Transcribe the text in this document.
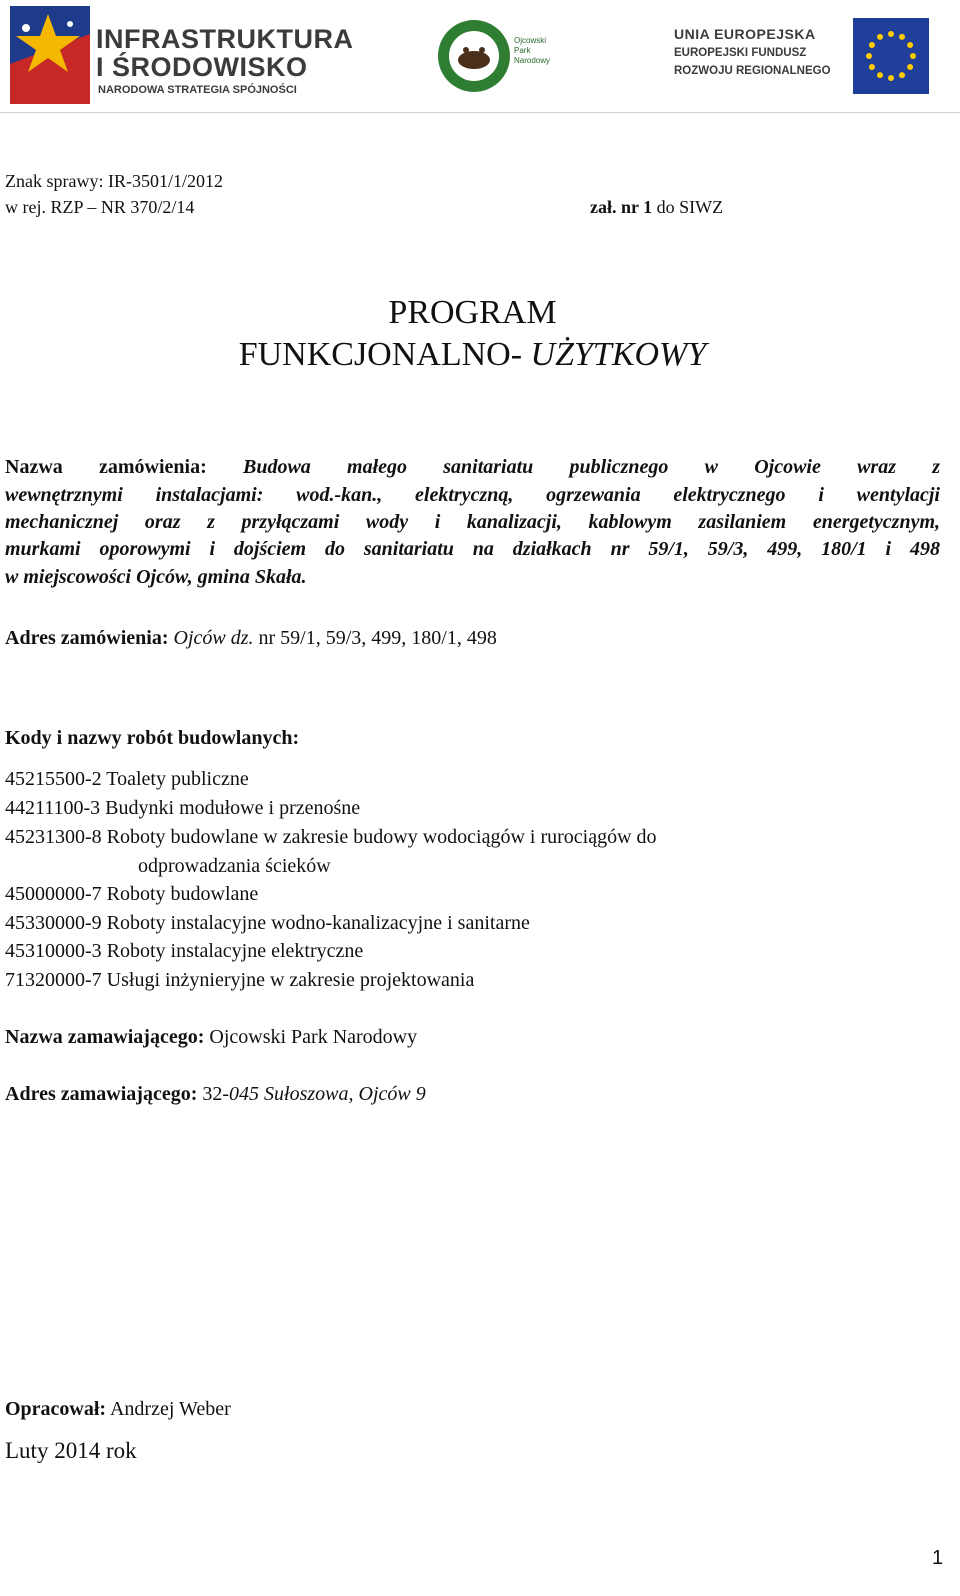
INFRASTRUKTURA
I ŚRODOWISKO
NARODOWA STRATEGIA SPÓJNOŚCI
Ojcowski
Park
Narodowy
UNIA EUROPEJSKA
EUROPEJSKI FUNDUSZ
ROZWOJU REGIONALNEGO
Znak sprawy: IR-3501/1/2012
w rej. RZP – NR 370/2/14	zał. nr 1 do SIWZ
PROGRAM
FUNKCJONALNO- UŻYTKOWY
Nazwa zamówienia: Budowa małego sanitariatu publicznego w Ojcowie wraz z
wewnętrznymi instalacjami: wod.-kan., elektryczną, ogrzewania elektrycznego i wentylacji
mechanicznej oraz z przyłączami wody i kanalizacji, kablowym zasilaniem energetycznym,
murkami oporowymi i dojściem do sanitariatu na działkach nr 59/1, 59/3, 499, 180/1 i 498
w miejscowości Ojców, gmina Skała.
Adres zamówienia: Ojców dz. nr 59/1, 59/3, 499, 180/1, 498
Kody i nazwy robót budowlanych:
45215500-2 Toalety publiczne
44211100-3 Budynki modułowe i przenośne
45231300-8 Roboty budowlane w zakresie budowy wodociągów i rurociągów do
odprowadzania ścieków
45000000-7 Roboty budowlane
45330000-9 Roboty instalacyjne wodno-kanalizacyjne i sanitarne
45310000-3 Roboty instalacyjne elektryczne
71320000-7 Usługi inżynieryjne w zakresie projektowania
Nazwa zamawiającego: Ojcowski Park Narodowy
Adres zamawiającego: 32-045 Sułoszowa, Ojców 9
Opracował: Andrzej Weber
Luty 2014 rok
1
